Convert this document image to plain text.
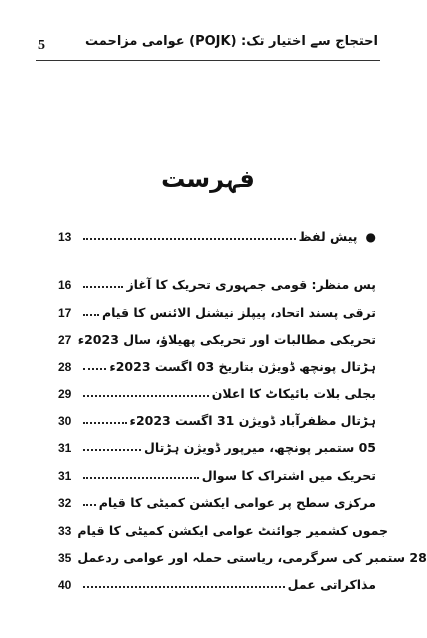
5	احتجاج سے اختیار تک: (POJK) عوامی مزاحمت
فہرست
13	پیش لفظ ●
16	پس منظر: قومی جمہوری تحریک کا آغاز
17	ترقی پسند اتحاد، پیپلز نیشنل الائنس کا قیام
27 تحریکی مطالبات اور تحریکی پھیلاؤ، سال 2023ء
28	ہڑتال پونچھ ڈویژن بتاریخ 03 اگست 2023ء
29	بجلی بلات بائیکاٹ کا اعلان
30	ہڑتال مظفرآباد ڈویژن 31 اگست 2023ء
31	05 ستمبر پونچھ، میرپور ڈویژن ہڑتال
31	تحریک میں اشتراک کا سوال
32	مرکزی سطح پر عوامی ایکشن کمیٹی کا قیام
33 جموں کشمیر جوائنٹ عوامی ایکشن کمیٹی کا قیام
35 28 ستمبر کی سرگرمی، ریاستی حملہ اور عوامی ردعمل
40	مذاکراتی عمل
